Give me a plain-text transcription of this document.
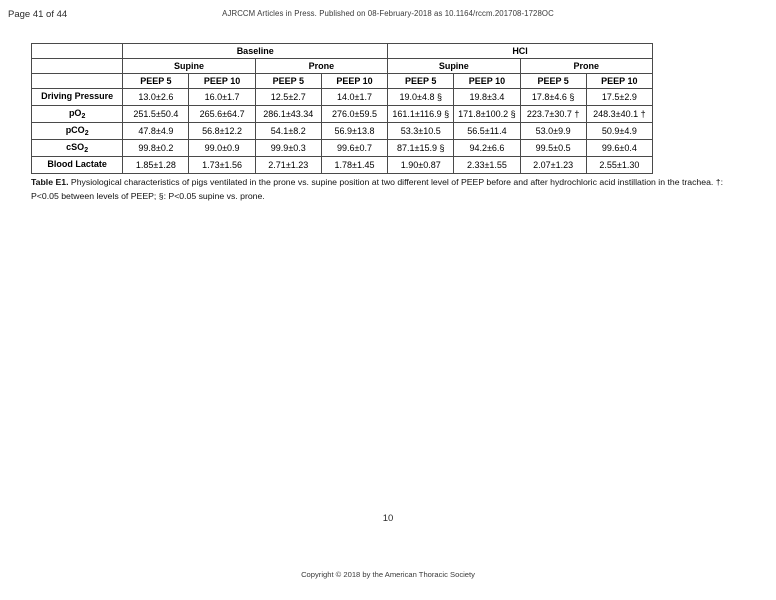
Page 41 of 44	AJRCCM Articles in Press. Published on 08-February-2018 as 10.1164/rccm.201708-1728OC
	Baseline				HCl			
	Supine		Prone		Supine		Prone	
	PEEP 5	PEEP 10	PEEP 5	PEEP 10	PEEP 5	PEEP 10	PEEP 5	PEEP 10
Driving Pressure	13.0±2.6	16.0±1.7	12.5±2.7	14.0±1.7	19.0±4.8 §	19.8±3.4	17.8±4.6 §	17.5±2.9
$pO_2$	251.5±50.4	265.6±64.7	286.1±43.34	276.0±59.5	161.1±116.9 §	171.8±100.2 §	223.7±30.7 †	248.3±40.1 †
pCO$_2$	47.8±4.9	56.8±12.2	54.1±8.2	56.9±13.8	53.3±10.5	56.5±11.4	53.0±9.9	50.9±4.9
cSO$_2$	99.8±0.2	99.0±0.9	99.9±0.3	99.6±0.7	87.1±15.9 §	94.2±6.6	99.5±0.5	99.6±0.4
Blood Lactate	1.85±1.28	1.73±1.56	2.71±1.23	1.78±1.45	1.90±0.87	2.33±1.55	2.07±1.23	2.55±1.30
Table E1. Physiological characteristics of pigs ventilated in the prone vs. supine position at two different level of PEEP before and after hydrochloric acid instillation in the trachea. †: P<0.05 between levels of PEEP; §: P<0.05 supine vs. prone.
10
Copyright © 2018 by the American Thoracic Society
